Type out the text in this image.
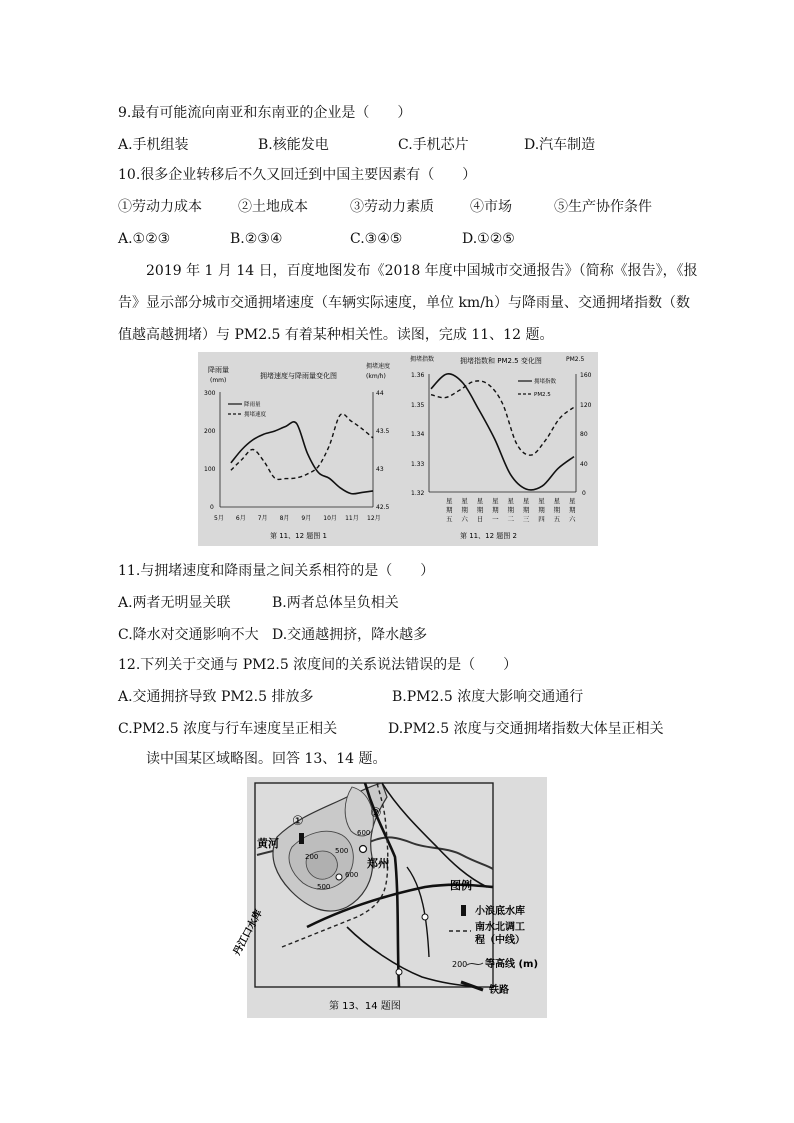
9.最有可能流向南亚和东南亚的企业是（　　）
A.手机组装	B.核能发电	C.手机芯片	D.汽车制造
10.很多企业转移后不久又回迁到中国主要因素有（　　）
①劳动力成本	②土地成本	③劳动力素质	④市场	⑤生产协作条件
A.①②③	B.②③④	C.③④⑤	D.①②⑤
2019 年 1 月 14 日，百度地图发布《2018 年度中国城市交通报告》（简称《报告》，《报
告》显示部分城市交通拥堵速度（车辆实际速度，单位 km/h）与降雨量、交通拥堵指数（数
值越高越拥堵）与 PM2.5 有着某种相关性。读图，完成 11、12 题。
拥堵速度与降雨量变化图
降雨量
(mm)
拥堵速度
(km/h)
300
200
100
0
44
43.5
43
42.5
降雨量
拥堵速度
5月 6月 7月 8月 9月 10月 11月 12月
第 11、12 题图 1
拥堵指数和 PM2.5 变化图
拥堵指数	PM2.5
1.36
1.35
1.34
1.33
1.32
160
120
80
40
0
拥堵指数
PM2.5
星
期
五
星
期
六
星
期
日
星
期
一
星
期
二
星
期
三
星
期
四
星
期
五
星
期
六
第 11、12 题图 2
11.与拥堵速度和降雨量之间关系相符的是（　　）
A.两者无明显关联	B.两者总体呈负相关
C.降水对交通影响不大 D.交通越拥挤，降水越多
12.下列关于交通与 PM2.5 浓度间的关系说法错误的是（　　）
A.交通拥挤导致 PM2.5 排放多	B.PM2.5 浓度大影响交通通行
C.PM2.5 浓度与行车速度呈正相关	D.PM2.5 浓度与交通拥堵指数大体呈正相关
读中国某区域略图。回答 13、14 题。
①
②
黄河
郑州
丹江口水库
200
500
500
600
600
图例
小浪底水库
南水北调工
程（中线）
200 等高线 (m)
铁路
第 13、14 题图
